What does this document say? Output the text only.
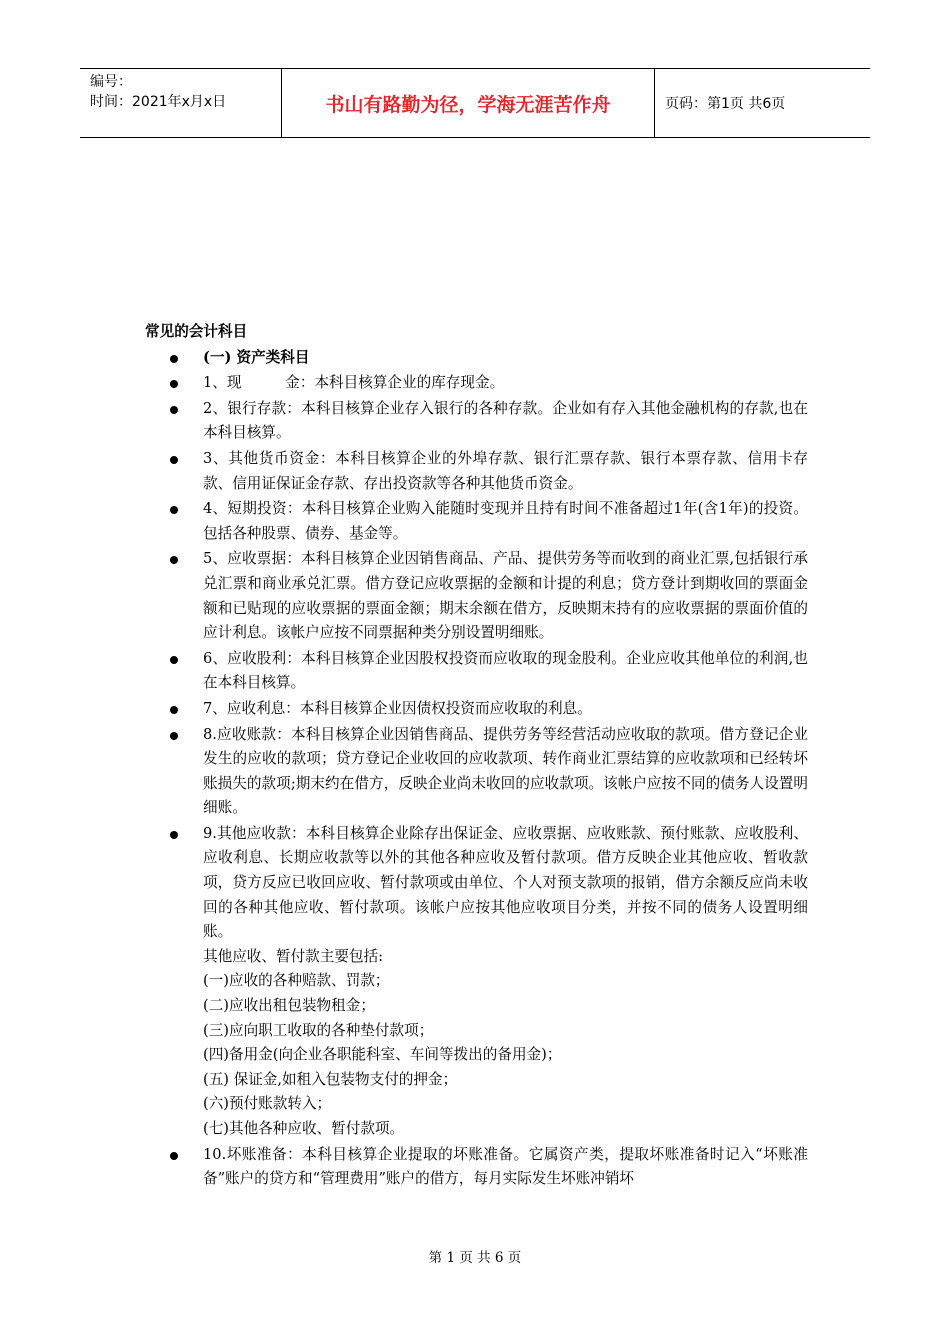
编号：
时间：2021年x月x日	书山有路勤为径，学海无涯苦作舟	页码：第1页 共6页
常见的会计科目
(一) 资产类科目
1、现　　　金：本科目核算企业的库存现金。
2、银行存款：本科目核算企业存入银行的各种存款。企业如有存入其他金融机构的存款,也在本科目核算。
3、其他货币资金：本科目核算企业的外埠存款、银行汇票存款、银行本票存款、信用卡存款、信用证保证金存款、存出投资款等各种其他货币资金。
4、短期投资：本科目核算企业购入能随时变现并且持有时间不准备超过1年(含1年)的投资。包括各种股票、债券、基金等。
5、应收票据：本科目核算企业因销售商品、产品、提供劳务等而收到的商业汇票,包括银行承兑汇票和商业承兑汇票。借方登记应收票据的金额和计提的利息；贷方登计到期收回的票面金额和已贴现的应收票据的票面金额；期末余额在借方，反映期末持有的应收票据的票面价值的应计利息。该帐户应按不同票据种类分别设置明细账。
6、应收股利：本科目核算企业因股权投资而应收取的现金股利。企业应收其他单位的利润,也在本科目核算。
7、应收利息：本科目核算企业因债权投资而应收取的利息。
8.应收账款：本科目核算企业因销售商品、提供劳务等经营活动应收取的款项。借方登记企业发生的应收的款项；贷方登记企业收回的应收款项、转作商业汇票结算的应收款项和已经转坏账损失的款项;期末约在借方，反映企业尚未收回的应收款项。该帐户应按不同的债务人设置明细账。
9.其他应收款：本科目核算企业除存出保证金、应收票据、应收账款、预付账款、应收股利、应收利息、长期应收款等以外的其他各种应收及暂付款项。借方反映企业其他应收、暂收款项，贷方反应已收回应收、暂付款项或由单位、个人对预支款项的报销，借方余额反应尚未收回的各种其他应收、暂付款项。该帐户应按其他应收项目分类，并按不同的债务人设置明细账。
其他应收、暂付款主要包括:
(一)应收的各种赔款、罚款；
(二)应收出租包装物租金；
(三)应向职工收取的各种垫付款项；
(四)备用金(向企业各职能科室、车间等拨出的备用金)；
(五) 保证金,如租入包装物支付的押金；
(六)预付账款转入；
(七)其他各种应收、暂付款项。
10.坏账准备：本科目核算企业提取的坏账准备。它属资产类，提取坏账准备时记入“坏账准备”账户的贷方和“管理费用”账户的借方，每月实际发生坏账冲销坏
第 1 页 共 6 页
